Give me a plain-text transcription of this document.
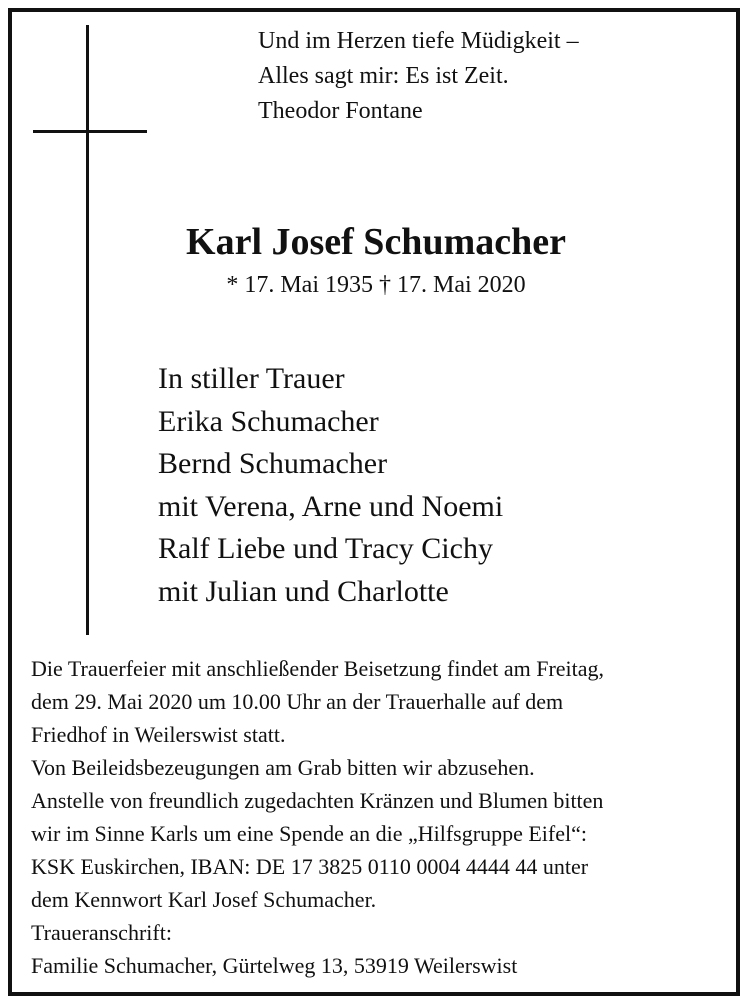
Und im Herzen tiefe Müdigkeit –
Alles sagt mir: Es ist Zeit.
Theodor Fontane
Karl Josef Schumacher
* 17. Mai 1935 † 17. Mai 2020
In stiller Trauer
Erika Schumacher
Bernd Schumacher
mit Verena, Arne und Noemi
Ralf Liebe und Tracy Cichy
mit Julian und Charlotte
Die Trauerfeier mit anschließender Beisetzung findet am Freitag,
dem 29. Mai 2020 um 10.00 Uhr an der Trauerhalle auf dem
Friedhof in Weilerswist statt.
Von Beileidsbezeugungen am Grab bitten wir abzusehen.
Anstelle von freundlich zugedachten Kränzen und Blumen bitten
wir im Sinne Karls um eine Spende an die „Hilfsgruppe Eifel“:
KSK Euskirchen, IBAN: DE 17 3825 0110 0004 4444 44 unter
dem Kennwort Karl Josef Schumacher.
Traueranschrift:
Familie Schumacher, Gürtelweg 13, 53919 Weilerswist
